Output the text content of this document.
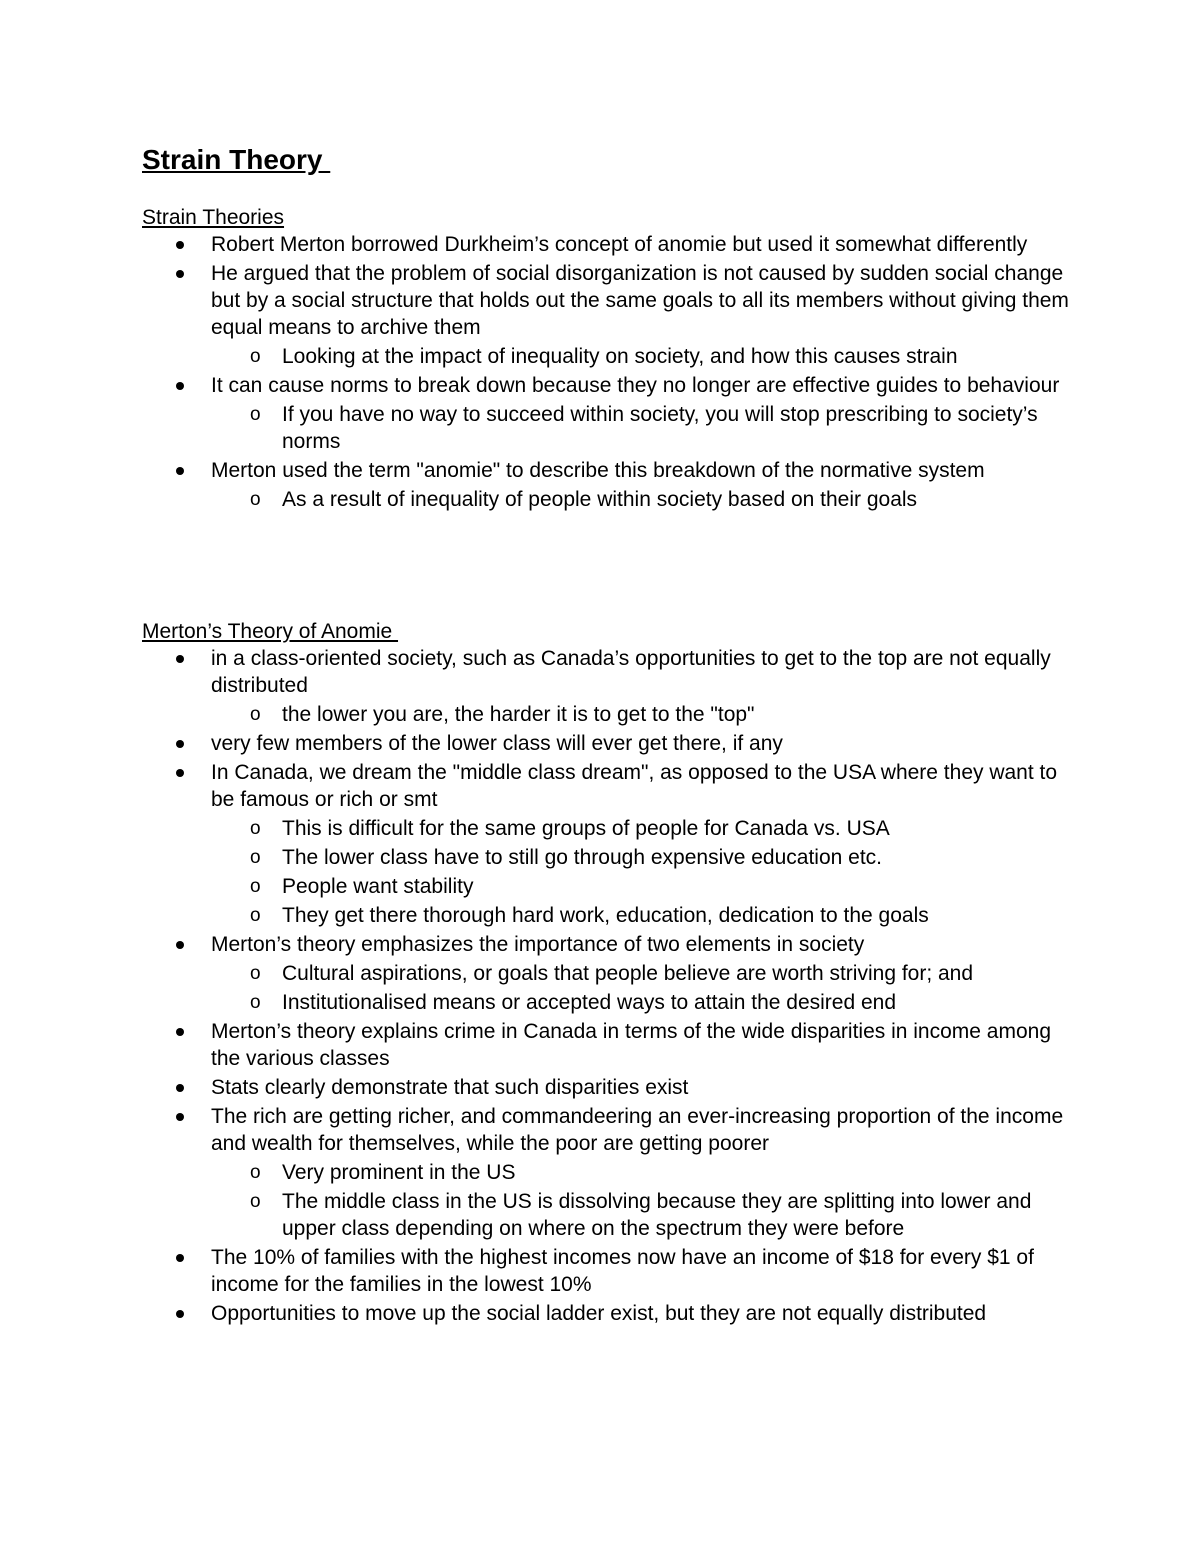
Strain Theory

Strain Theories

Robert Merton borrowed Durkheim’s concept of anomie but used it somewhat differently
He argued that the problem of social disorganization is not caused by sudden social change but by a social structure that holds out the same goals to all its members without giving them equal means to archive them
Looking at the impact of inequality on society, and how this causes strain
It can cause norms to break down because they no longer are effective guides to behaviour
If you have no way to succeed within society, you will stop prescribing to society’s norms
Merton used the term "anomie" to describe this breakdown of the normative system
As a result of inequality of people within society based on their goals

Merton’s Theory of Anomie

in a class-oriented society, such as Canada’s opportunities to get to the top are not equally distributed
the lower you are, the harder it is to get to the "top"
very few members of the lower class will ever get there, if any
In Canada, we dream the "middle class dream", as opposed to the USA where they want to be famous or rich or smt
This is difficult for the same groups of people for Canada vs. USA
The lower class have to still go through expensive education etc.
People want stability
They get there thorough hard work, education, dedication to the goals
Merton’s theory emphasizes the importance of two elements in society
Cultural aspirations, or goals that people believe are worth striving for; and
Institutionalised means or accepted ways to attain the desired end
Merton’s theory explains crime in Canada in terms of the wide disparities in income among the various classes
Stats clearly demonstrate that such disparities exist
The rich are getting richer, and commandeering an ever-increasing proportion of the income and wealth for themselves, while the poor are getting poorer
Very prominent in the US
The middle class in the US is dissolving because they are splitting into lower and upper class depending on where on the spectrum they were before
The 10% of families with the highest incomes now have an income of $18 for every $1 of income for the families in the lowest 10%
Opportunities to move up the social ladder exist, but they are not equally distributed
